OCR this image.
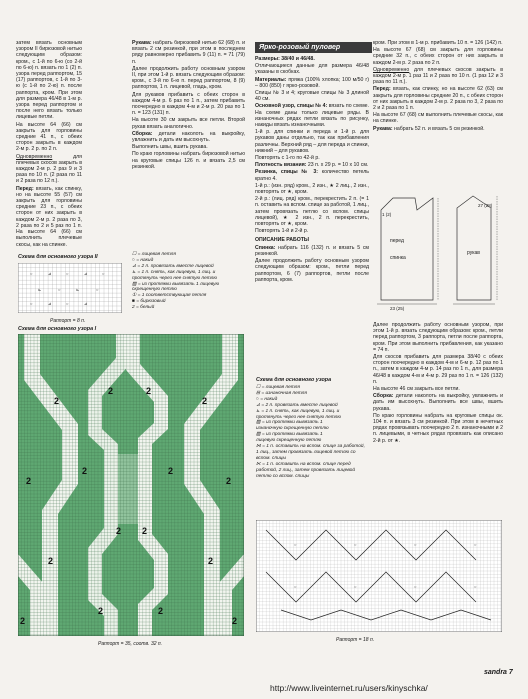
затем вязать основным узором II бирюзовой нитью следующим образом: кром., с 1-й по 6-ю (со 2-й по 6-ю) п. вязать по 1 (2) п. узора перед раппортом, 15 (17) раппортов, с 1-й по 3-ю (с 1-й по 2-ю) п. после раппорта, кром. При этом для размера 46/48 в 1-м р. узора перед раппортом и после него вязать только лицевые петли.

На высоте 64 (66) см закрыть для горловины средние 41 п., с обеих сторон закрыть в каждом 2-м р. 2 р. по 2 п.

Одновременно	для плечевых скосов закрыть в каждом 2-м р. 2 раз 9 и 3 раза по 10 п. (2 раза по 11 и 2 раза по 12 п.).

Перед: вязать, как спинку, но на высоте 55 (57) см закрыть для горловины средние 23 п., с обеих сторон от них закрыть в каждом 2-м р. 2 раза по 3, 2 раза по 2 и 5 раз по 1 п. На высоте 64 (66) см выполнить плечевые скосы, как на спинке.

Рукава: набрать бирюзовой нитью 62 (68) п. и вязать 2 см резинкой, при этом в последнем ряду равномерно прибавить 9 (11) п. = 71 (79) п.

Далее продолжить работу основным узором II, при этом 1-й р. вязать следующим образом: кром., с 3-й по 6-ю п. перед раппортом, 8 (9) раппортов, 1 п. лицевой, гладь, кром.

Для рукавов прибавить с обеих сторон в каждом 4-м р. 6 раз по 1 п., затем прибавить поочередно в каждом 4-м и 2-м р. 20 раз по 1 п. = 123 (131) п.

На высоте 30 см закрыть все петли. Второй рукав вязать аналогично.

Сборка: детали наколоть на выкройку, увлажнить и дать им высохнуть.

Выполнить швы, вшить рукава.

По краю горловины набрать бирюзовой нитью на круговые спицы 126 п. и вязать 2,5 см резинкой.

Ярко-розовый пуловер

Размеры: 38/40 и 46/48.

Отличающиеся данные для размера 46/48 указаны в скобках.

Материалы: пряжа (100% хлопка; 100 м/50 г) – 800 (850) г ярко-розовой.

Спицы № 3 и 4; круговые спицы № 3 длиной 40 см.

Основной узор, спицы № 4: вязать по схеме. На схеме даны только лицевые ряды. В изнаночных рядах петли вязать по рисунку, накиды вязать изнаночными.

1-й р. для спинки и переда и 1-й р. для рукавов даны отдельно, так как прибавления различны. Верхний ряд – для переда и спинки, нижний – для рукавов.

Повторять с 1-го по 42-й р.

Плотность вязания: 23 п. x 29 р. = 10 x 10 см.

Резинка, спицы № 3: количество петель кратно 4.

1-й р.: (изн. ряд) кром., 2 изн., ★ 2 лиц., 2 изн., повторять от ★, кром.

2-й р.: (лиц. ряд) кром., перекрестить 2 п. (= 1 п. оставить на вспом. спице за работой, 1 лиц., затем провязать петлю со вспом. спицы лицевой), ★ 2 изн., 2 п. перекрестить, повторять от ★, кром.

Повторять 1-й и 2-й р.

ОПИСАНИЕ РАБОТЫ

Спинка: набрать 116 (132) п. и вязать 5 см резинкой.

Далее продолжить работу основным узором следующим образом: кром., петли перед раппортом, 6 (7) раппортов, петли после раппорта, кром.

кром. При этом в 1-м р. прибавить 10 п. = 126 (142) п.

На высоте 67 (68) см закрыть для горловины средние 32 п., с обеих сторон от них закрыть в каждом 2-м р. 2 раза по 2 п.

Одновременно для плечевых скосов закрыть в каждом 2-м р. 1 раз 11 и 2 раза по 10 п. (1 раз 12 и 3 раза по 11 п.).

Перед: вязать, как спинку, но на высоте 62 (63) см закрыть для горловины средние 20 п., с обеих сторон от них закрыть в каждом 2-м р. 2 раза по 3, 2 раза по 2 и 2 раза по 1 п.

На высоте 67 (68) см выполнить плечевые скосы, как на спинке.

Рукава: набрать 52 п. и вязать 5 см резинкой.

перед
спинка
рукав
1 (2)
27 (28)
23 (25)

Далее продолжить работу основным узором, при этом 1-й р. вязать следующим образом: кром., петли перед раппортом, 3 раппорта, петли после раппорта, кром. При этом выполнить прибавления, как указано = 74 п.

Для скосов прибавить для размера 38/40 с обеих сторон поочередно в каждом 4-м и 6-м р. 12 раз по 1 п., затем в каждом 4-м р. 14 раз по 1 п., для размера 46/48 в каждом 4-м и 4-м р. 29 раз по 1 п. = 126 (132) п.

На высоте 46 см закрыть все петли.

Сборка: детали наколоть на выкройку, увлажнить и дать им высохнуть. Выполнить все швы, вшить рукава.

По краю горловины набрать на круговые спицы ок. 104 п. и вязать 3 см резинкой. При этом в нечетных рядах провязывать поочередно 2 п. изнаночными и 2 п. лицевыми, в четных рядах провязать как описано 2-й р. от ★.

Схема для основного узора II
○	⊿	○	⊿	○
⊾	○	⊾	○
○	⊿	○	⊿
Раппорт = 8 п.
☐ = лицевая петля
○ = накид
⊿ = 2 п. провязать вместе лицевой
⊾ = 1 п. снять, как лицевую, 1 лиц. и
протянуть через нее снятую петлю
▨ = из протяжки вывязать 1 лицевую
скрещенную петлю
① = 1 соответствующая петля
■ = бирюзовый
2 = белый
Схема для основного узора I
2
2	2
2
2
2	2
2
2 2
2	2
2
2	2
2
Раппорт = 35, соотв. 32 п.
Схема для основного узора
☐ = лицевая петля
⊟ = изнаночная петля
○ = накид
⊿ = 2 п. провязать вместе лицевой
⊾ = 1 п. снять, как лицевую, 1 лиц. и
протянуть через нее снятую петлю
▨ = из протяжки вывязать 1
изнаночную скрещенную петлю
▧ = из протяжки вывязать 1
лицевую скрещенную петлю
⋈ = 1 п. оставить на вспом. спице за работой, 1 лиц., затем провязать лицевой петлю со вспом. спицы
⋉ = 1 п. оставить на вспом. спице перед работой, 2 лиц., затем провязать лицевой петлю со вспом. спицы
○	○	○	○
○	○	○	○
Раппорт = 18 п.
sandra 7
http://www.liveinternet.ru/users/kinyschka/
